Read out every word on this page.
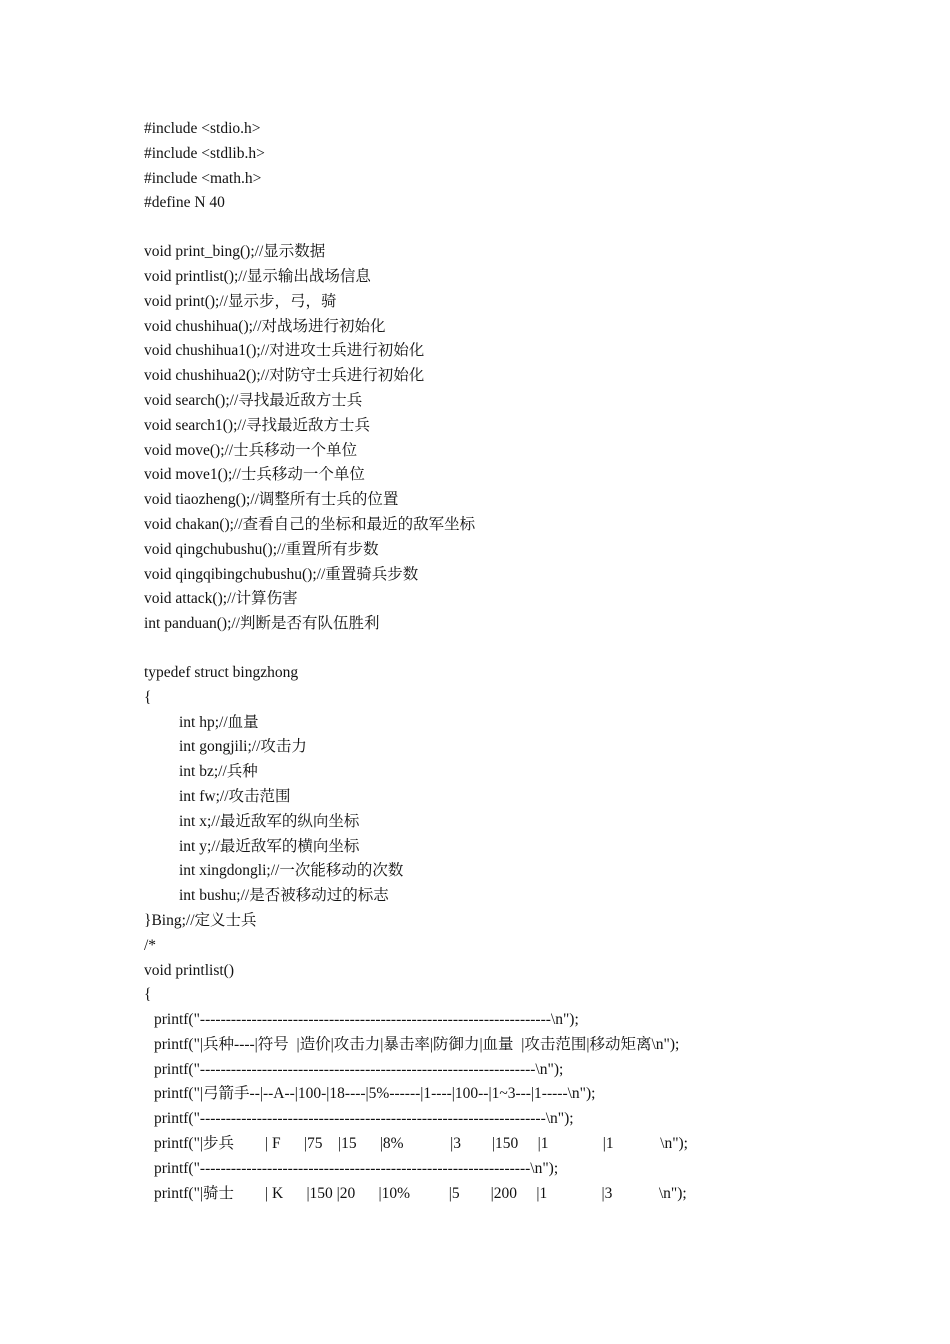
#include <stdio.h>
#include <stdlib.h>
#include <math.h>
#define N 40
void print_bing();//显示数据
void printlist();//显示输出战场信息
void print();//显示步，弓，骑
void chushihua();//对战场进行初始化
void chushihua1();//对进攻士兵进行初始化
void chushihua2();//对防守士兵进行初始化
void search();//寻找最近敌方士兵
void search1();//寻找最近敌方士兵
void move();//士兵移动一个单位
void move1();//士兵移动一个单位
void tiaozheng();//调整所有士兵的位置
void chakan();//查看自己的坐标和最近的敌军坐标
void qingchubushu();//重置所有步数
void qingqibingchubushu();//重置骑兵步数
void attack();//计算伤害
int panduan();//判断是否有队伍胜利
typedef struct bingzhong
{
int hp;//血量
int gongjili;//攻击力
int bz;//兵种
int fw;//攻击范围
int x;//最近敌军的纵向坐标
int y;//最近敌军的横向坐标
int xingdongli;//一次能移动的次数
int bushu;//是否被移动过的标志
}Bing;//定义士兵
/*
void printlist()
{
printf("--------------------------------------------------------------------\n");
printf("|兵种----|符号  |造价|攻击力|暴击率|防御力|血量  |攻击范围|移动矩离\n");
printf("-----------------------------------------------------------------\n");
printf("|弓箭手--|--A--|100-|18----|5%------|1----|100--|1~3---|1-----\n");
printf("-------------------------------------------------------------------\n");
printf("|步兵        | F      |75    |15      |8%            |3        |150     |1              |1            \n");
printf("----------------------------------------------------------------\n");
printf("|骑士        | K      |150 |20      |10%          |5        |200     |1              |3            \n");
